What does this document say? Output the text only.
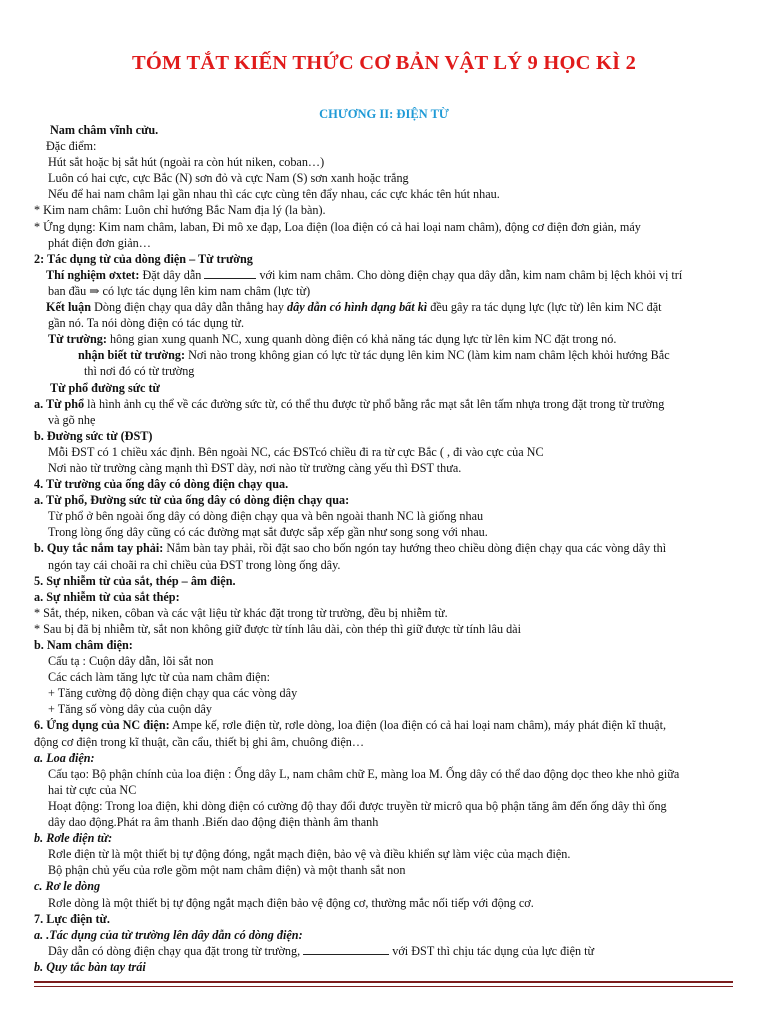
TÓM TẮT KIẾN THỨC CƠ BẢN VẬT LÝ 9 HỌC KÌ 2
CHƯƠNG II: ĐIỆN TỪ
Nam châm vĩnh cửu.
Đặc điểm:
Hút sắt hoặc bị sắt hút (ngoài ra còn hút niken, coban…)
Luôn có hai cực, cực Bắc (N) sơn đỏ và cực Nam (S) sơn xanh hoặc trắng
Nếu để hai nam châm lại gần nhau thì các cực cùng tên đẩy nhau, các cực khác tên hút nhau.
* Kim nam châm: Luôn chỉ hướng Bắc Nam địa lý (la bàn).
* Ứng dụng: Kim nam châm, laban, Đi mô xe đạp, Loa điện (loa điện có cả hai loại nam châm), động cơ điện đơn giản, máy
phát điện đơn giản…
2: Tác dụng từ của dòng điện – Từ trường
Thí nghiệm ơxtet: Đặt dây dẫn	với kim nam châm. Cho dòng điện chạy qua dây dẫn, kim nam châm bị lệch khỏi vị trí
ban đầu ⇒ có lực tác dụng lên kim nam châm (lực từ)
Kết luận Dòng điện chạy qua dây dẫn thẳng hay dây dẫn có hình dạng bất kì đều gây ra tác dụng lực (lực từ) lên kim NC đặt
gần nó. Ta nói dòng điện có tác dụng từ.
Từ trường: hông gian xung quanh NC, xung quanh dòng điện có khả năng tác dụng lực từ lên kim NC đặt trong nó.
nhận biết từ trường: Nơi nào trong không gian có lực từ tác dụng lên kim NC (làm kim nam châm lệch khỏi hướng Bắc
thì nơi đó có từ trường
Từ phổ đường sức từ
a. Từ phổ là hình ảnh cụ thể về các đường sức từ, có thể thu được từ phổ bằng rắc mạt sắt lên tấm nhựa trong đặt trong từ trường
và gõ nhẹ
b. Đường sức từ (ĐST)
Mỗi ĐST có 1 chiều xác định. Bên ngoài NC, các ĐSTcó chiều đi ra từ cực Bắc ( , đi vào cực của NC
Nơi nào từ trường càng mạnh thì ĐST dày, nơi nào từ trường càng yếu thì ĐST thưa.
4. Từ trường của ống dây có dòng điện chạy qua.
a. Từ phổ, Đường sức từ của ống dây có dòng điện chạy qua:
Từ phổ ở bên ngoài ống dây có dòng điện chạy qua và bên ngoài thanh NC là giống nhau
Trong lòng ống dây cũng có các đường mạt sắt được sắp xếp gần như song song với nhau.
b. Quy tắc nắm tay phải: Nắm bàn tay phải, rồi đặt sao cho bốn ngón tay hướng theo chiều dòng điện chạy qua các vòng dây thì
ngón tay cái choãi ra chỉ chiều của ĐST trong lòng ống dây.
5. Sự nhiễm từ của sắt, thép – âm điện.
a. Sự nhiễm từ của sắt thép:
* Sắt, thép, niken, côban và các vật liệu từ khác đặt trong từ trường, đều bị nhiễm từ.
* Sau bị đã bị nhiễm từ, sắt non không giữ được từ tính lâu dài, còn thép thì giữ được từ tính lâu dài
b. Nam châm điện:
Cấu tạ : Cuộn dây dẫn, lõi sắt non
Các cách làm tăng lực từ của nam châm điện:
+ Tăng cường độ dòng điện chạy qua các vòng dây
+ Tăng số vòng dây của cuộn dây
6. Ứng dụng của NC điện: Ampe kế, rơle điện từ, rơle dòng, loa điện (loa điện có cả hai loại nam châm), máy phát điện kĩ thuật,
động cơ điện trong kĩ thuật, cần cẩu, thiết bị ghi âm, chuông điện…
a. Loa điện:
Cấu tạo: Bộ phận chính của loa điện : Ống dây L, nam châm chữ E, màng loa M. Ống dây có thể dao động dọc theo khe nhỏ giữa
hai từ cực của NC
Hoạt động: Trong loa điện, khi dòng điện có cường độ thay đổi được truyền từ micrô qua bộ phận tăng âm đến ống dây thì ống
dây dao động.Phát ra âm thanh .Biến dao động điện thành âm thanh
b. Rơle điện từ:
Rơle điện từ là một thiết bị tự động đóng, ngắt mạch điện, bảo vệ và điều khiển sự làm việc của mạch điện.
Bộ phận chủ yếu của rơle gồm một nam châm điện) và một thanh sắt non
c. Rơ le dòng
Rơle dòng là một thiết bị tự động ngắt mạch điện bảo vệ động cơ, thường mắc nối tiếp với động cơ.
7. Lực điện từ.
a. .Tác dụng của từ trường lên dây dẫn có dòng điện:
Dây dẫn có dòng điện chạy qua đặt trong từ trường,	với ĐST thì chịu tác dụng của lực điện từ
b. Quy tắc bàn tay trái
